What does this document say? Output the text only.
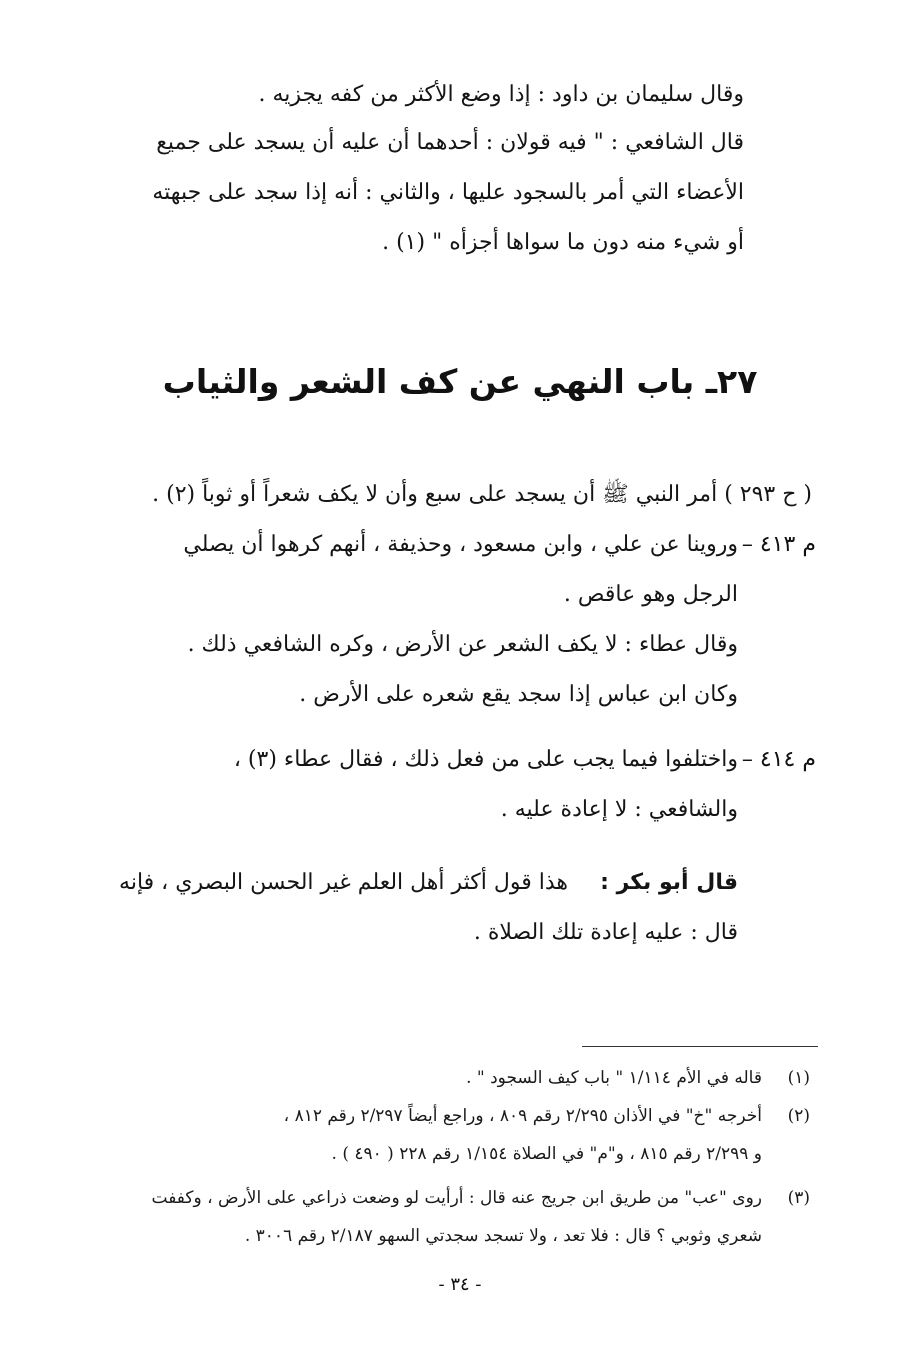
وقال سليمان بن داود : إذا وضع الأكثر من كفه يجزيه .
قال الشافعي : " فيه قولان : أحدهما أن عليه أن يسجد على جميع
الأعضاء التي أمر بالسجود عليها ، والثاني : أنه إذا سجد على جبهته
أو شيء منه دون ما سواها أجزأه " (١) .
٢٧ـ باب النهي عن كف الشعر والثياب
( ح ٢٩٣ ) أمر النبي ﷺ أن يسجد على سبع وأن لا يكف شعراً أو ثوباً (٢) .
م ٤١٣ –
وروينا عن علي ، وابن مسعود ، وحذيفة ، أنهم كرهوا أن يصلي
الرجل وهو عاقص .
وقال عطاء : لا يكف الشعر عن الأرض ، وكره الشافعي ذلك .
وكان ابن عباس إذا سجد يقع شعره على الأرض .
م ٤١٤ –
واختلفوا فيما يجب على من فعل ذلك ، فقال عطاء (٣) ،
والشافعي : لا إعادة عليه .
قال أبو بكر :
هذا قول أكثر أهل العلم غير الحسن البصري ، فإنه
قال : عليه إعادة تلك الصلاة .
(١)
قاله في الأم ١/١١٤ " باب كيف السجود " .
(٢)
أخرجه "خ" في الأذان ٢/٢٩٥ رقم ٨٠٩ ، وراجع أيضاً ٢/٢٩٧ رقم ٨١٢ ،
و ٢/٢٩٩ رقم ٨١٥ ، و"م" في الصلاة ١/١٥٤ رقم ٢٢٨ ( ٤٩٠ ) .
(٣)
روى "عب" من طريق ابن جريج عنه قال : أرأيت لو وضعت ذراعي على الأرض ، وكففت
شعري وثوبي ؟ قال : فلا تعد ، ولا تسجد سجدتي السهو ٢/١٨٧ رقم ٣٠٠٦ .
- ٣٤ -
